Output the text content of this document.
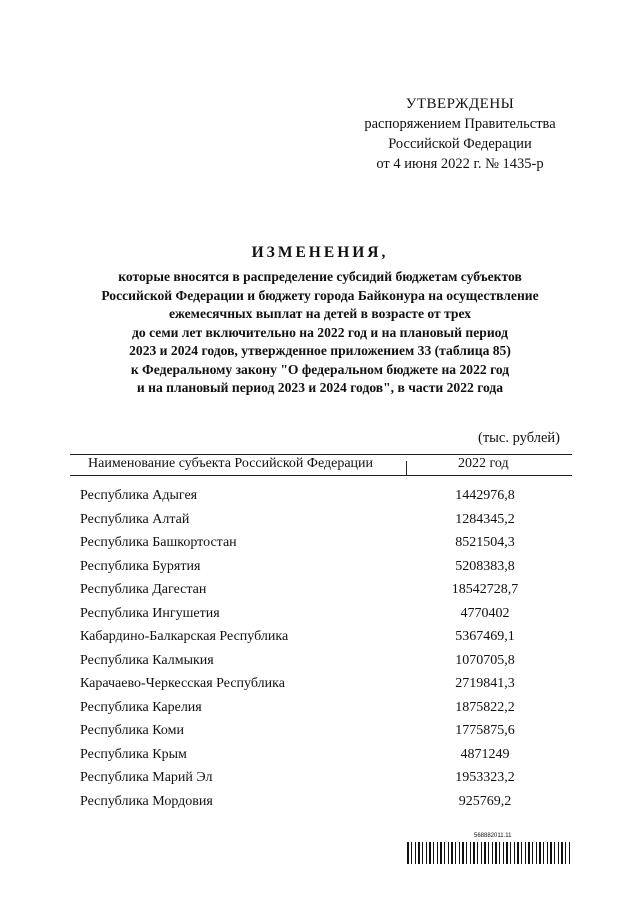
УТВЕРЖДЕНЫ
распоряжением Правительства
Российской Федерации
от 4 июня 2022 г. № 1435-р
ИЗМЕНЕНИЯ,
которые вносятся в распределение субсидий бюджетам субъектов
Российской Федерации и бюджету города Байконура на осуществление
ежемесячных выплат на детей в возрасте от трех
до семи лет включительно на 2022 год и на плановый период
2023 и 2024 годов, утвержденное приложением 33 (таблица 85)
к Федеральному закону "О федеральном бюджете на 2022 год
и на плановый период 2023 и 2024 годов", в части 2022 года
(тыс. рублей)
Наименование субъекта Российской Федерации	2022 год
Республика Адыгея	1442976,8
Республика Алтай	1284345,2
Республика Башкортостан	8521504,3
Республика Бурятия	5208383,8
Республика Дагестан	18542728,7
Республика Ингушетия	4770402
Кабардино-Балкарская Республика	5367469,1
Республика Калмыкия	1070705,8
Карачаево-Черкесская Республика	2719841,3
Республика Карелия	1875822,2
Республика Коми	1775875,6
Республика Крым	4871249
Республика Марий Эл	1953323,2
Республика Мордовия	925769,2
568882011.11
